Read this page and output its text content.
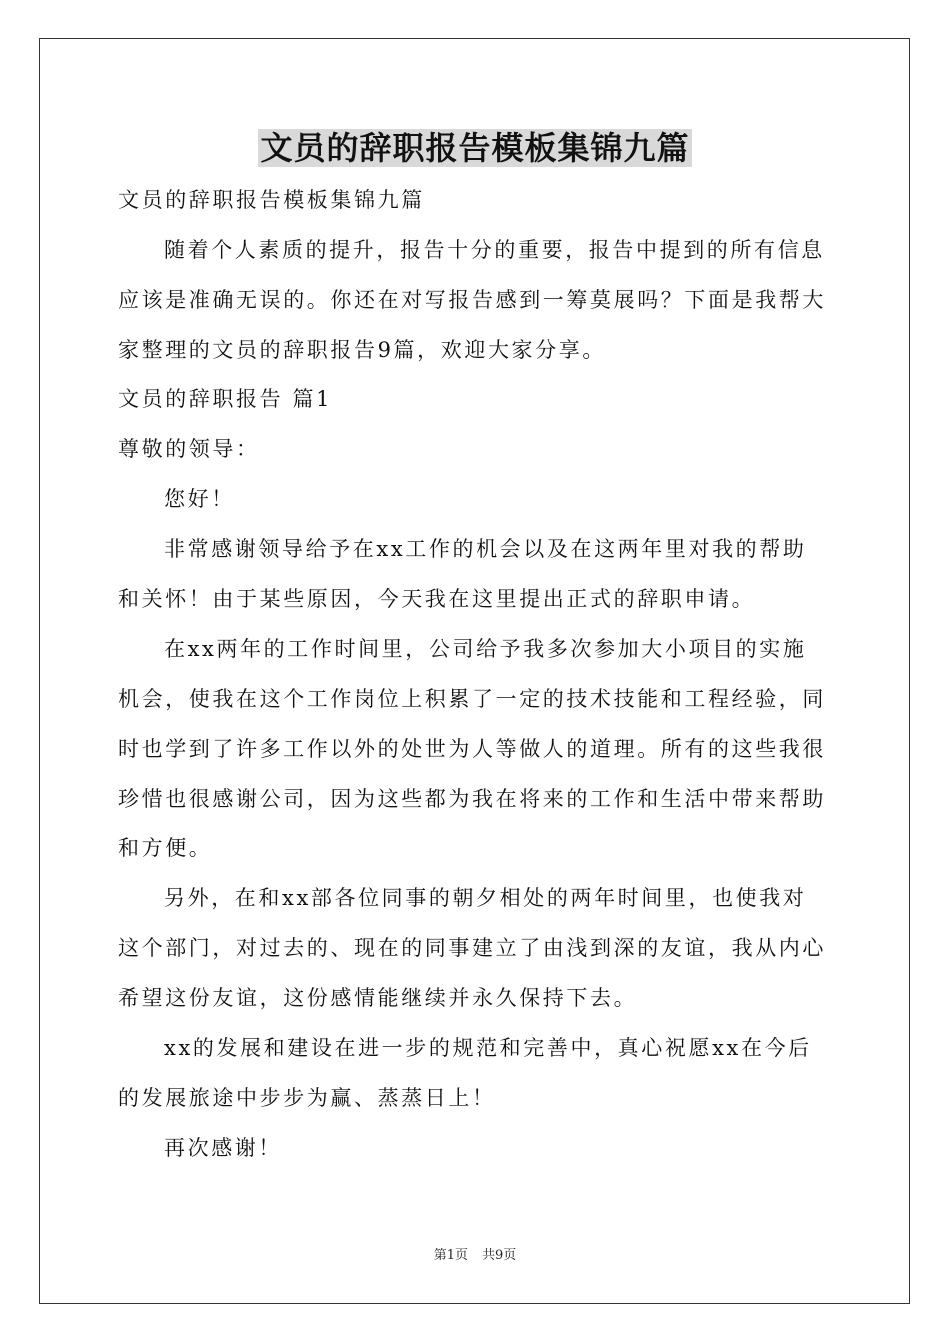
文员的辞职报告模板集锦九篇
文员的辞职报告模板集锦九篇
随着个人素质的提升，报告十分的重要，报告中提到的所有信息
应该是准确无误的。你还在对写报告感到一筹莫展吗？下面是我帮大
家整理的文员的辞职报告9篇，欢迎大家分享。
文员的辞职报告 篇1
尊敬的领导：
您好！
非常感谢领导给予在xx工作的机会以及在这两年里对我的帮助
和关怀！由于某些原因，今天我在这里提出正式的辞职申请。
在xx两年的工作时间里，公司给予我多次参加大小项目的实施
机会，使我在这个工作岗位上积累了一定的技术技能和工程经验，同
时也学到了许多工作以外的处世为人等做人的道理。所有的这些我很
珍惜也很感谢公司，因为这些都为我在将来的工作和生活中带来帮助
和方便。
另外，在和xx部各位同事的朝夕相处的两年时间里，也使我对
这个部门，对过去的、现在的同事建立了由浅到深的友谊，我从内心
希望这份友谊，这份感情能继续并永久保持下去。
xx的发展和建设在进一步的规范和完善中，真心祝愿xx在今后
的发展旅途中步步为赢、蒸蒸日上！
再次感谢！
第1页 共9页
